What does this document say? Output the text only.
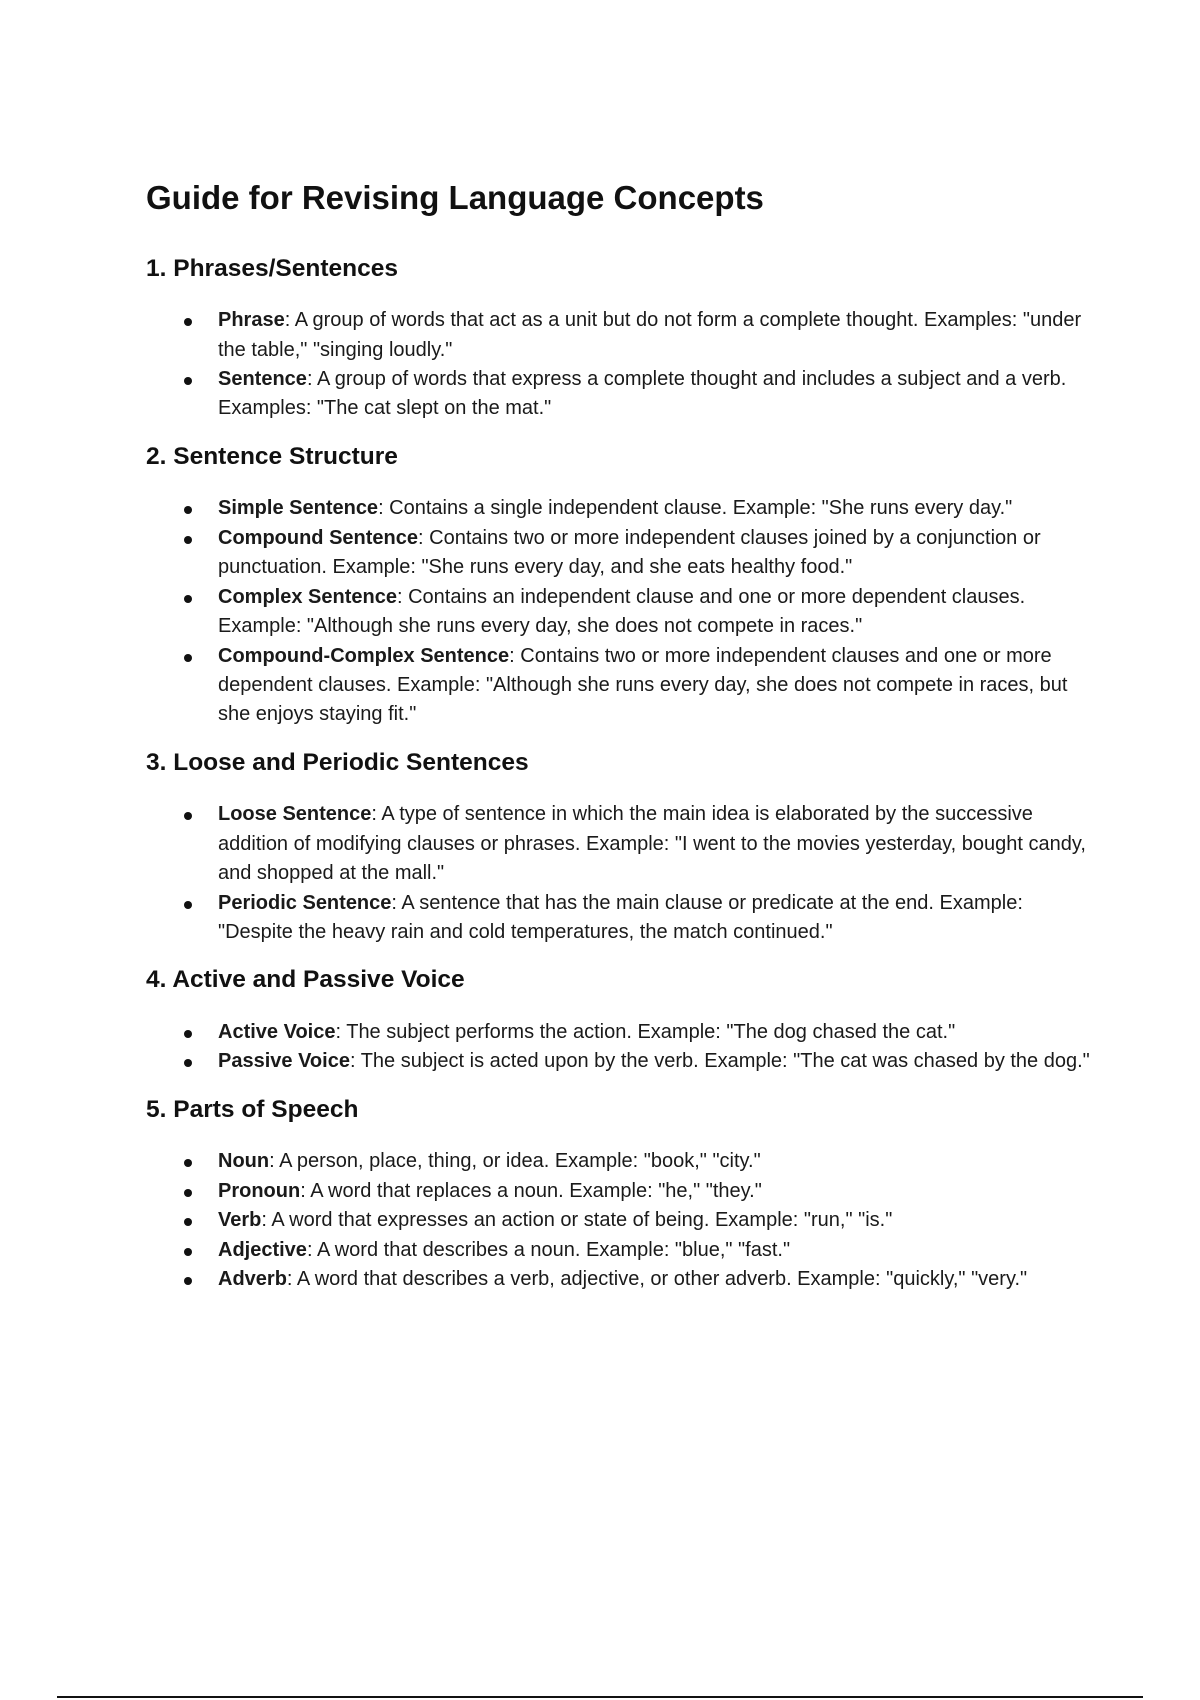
Guide for Revising Language Concepts
1. Phrases/Sentences
Phrase: A group of words that act as a unit but do not form a complete thought. Examples: "under the table," "singing loudly."
Sentence: A group of words that express a complete thought and includes a subject and a verb. Examples: "The cat slept on the mat."
2. Sentence Structure
Simple Sentence: Contains a single independent clause. Example: "She runs every day."
Compound Sentence: Contains two or more independent clauses joined by a conjunction or punctuation. Example: "She runs every day, and she eats healthy food."
Complex Sentence: Contains an independent clause and one or more dependent clauses. Example: "Although she runs every day, she does not compete in races."
Compound-Complex Sentence: Contains two or more independent clauses and one or more dependent clauses. Example: "Although she runs every day, she does not compete in races, but she enjoys staying fit."
3. Loose and Periodic Sentences
Loose Sentence: A type of sentence in which the main idea is elaborated by the successive addition of modifying clauses or phrases. Example: "I went to the movies yesterday, bought candy, and shopped at the mall."
Periodic Sentence: A sentence that has the main clause or predicate at the end. Example: "Despite the heavy rain and cold temperatures, the match continued."
4. Active and Passive Voice
Active Voice: The subject performs the action. Example: "The dog chased the cat."
Passive Voice: The subject is acted upon by the verb. Example: "The cat was chased by the dog."
5. Parts of Speech
Noun: A person, place, thing, or idea. Example: "book," "city."
Pronoun: A word that replaces a noun. Example: "he," "they."
Verb: A word that expresses an action or state of being. Example: "run," "is."
Adjective: A word that describes a noun. Example: "blue," "fast."
Adverb: A word that describes a verb, adjective, or other adverb. Example: "quickly," "very."
